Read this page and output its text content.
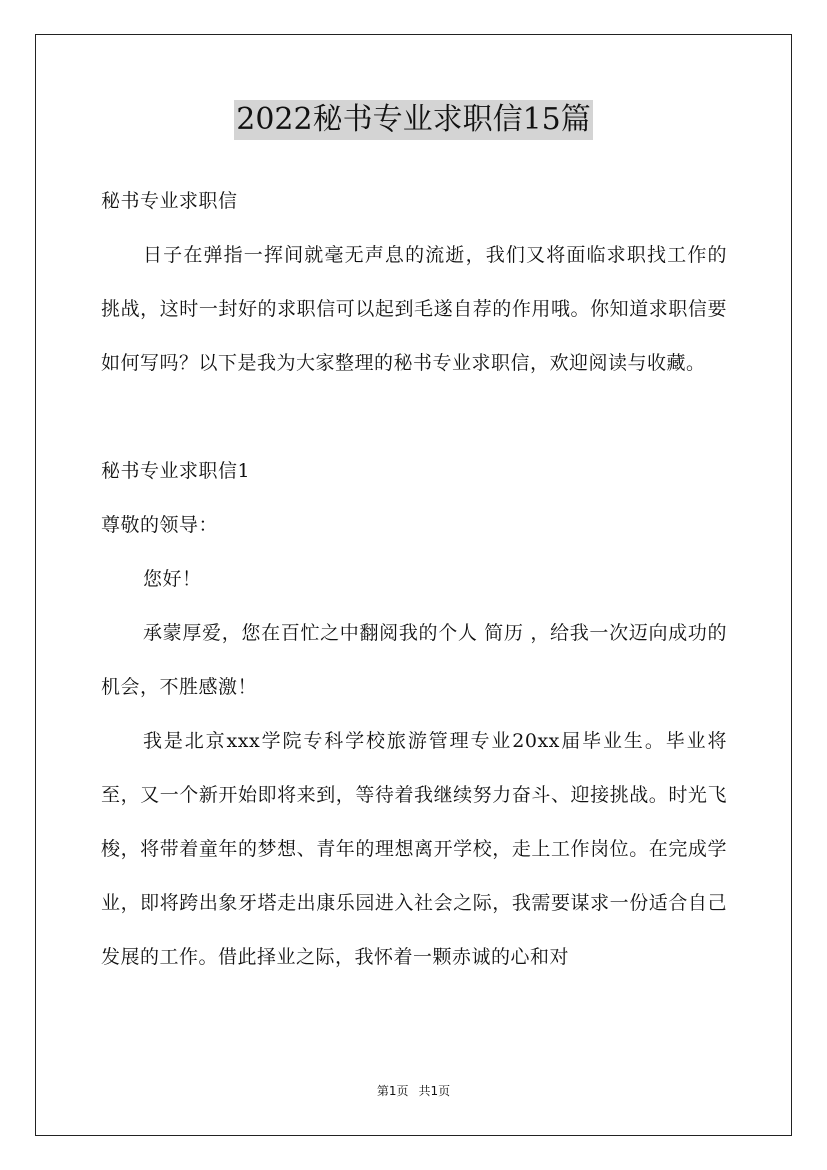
2022秘书专业求职信15篇

秘书专业求职信

日子在弹指一挥间就毫无声息的流逝，我们又将面临求职找工作的挑战，这时一封好的求职信可以起到毛遂自荐的作用哦。你知道求职信要如何写吗？以下是我为大家整理的秘书专业求职信，欢迎阅读与收藏。

秘书专业求职信1

尊敬的领导：

您好！

承蒙厚爱，您在百忙之中翻阅我的个人 简历 ，给我一次迈向成功的机会，不胜感激！

我是北京xxx学院专科学校旅游管理专业20xx届毕业生。毕业将至，又一个新开始即将来到，等待着我继续努力奋斗、迎接挑战。时光飞梭，将带着童年的梦想、青年的理想离开学校，走上工作岗位。在完成学业，即将跨出象牙塔走出康乐园进入社会之际，我需要谋求一份适合自己发展的工作。借此择业之际，我怀着一颗赤诚的心和对

第1页 共1页
